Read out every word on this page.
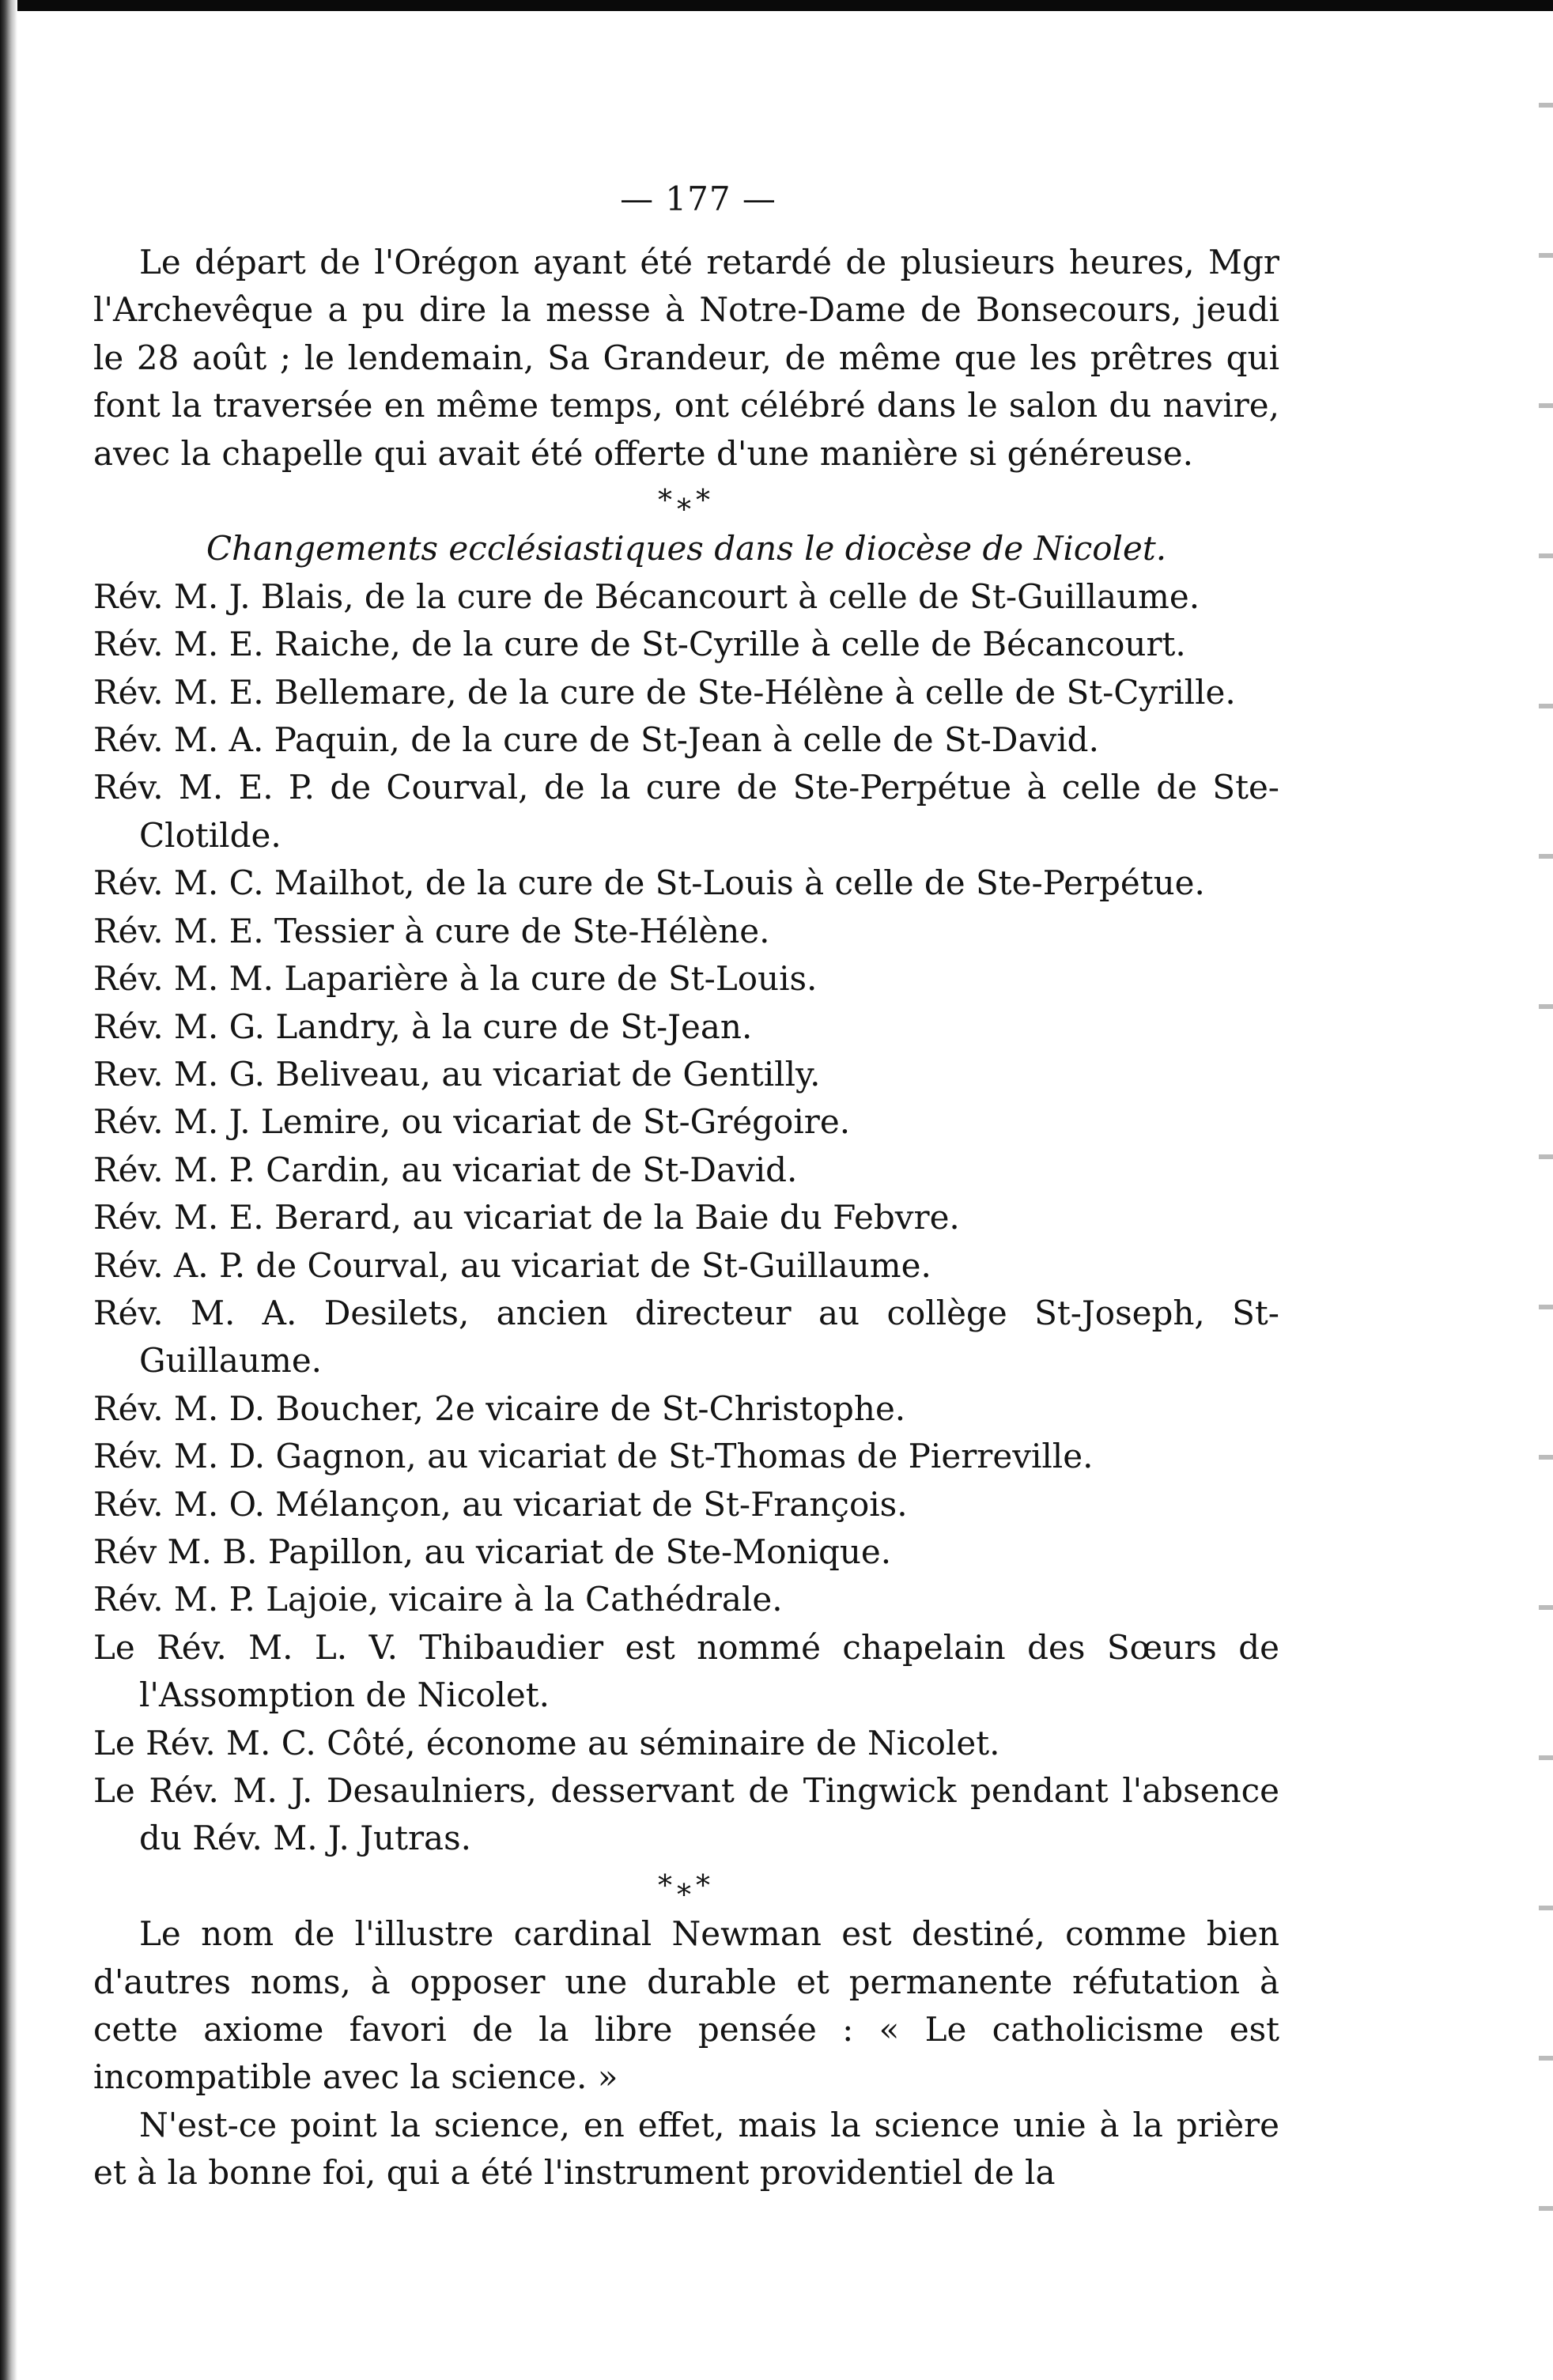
— 177 —

Le départ de l'Orégon ayant été retardé de plusieurs heures, Mgr l'Archevêque a pu dire la messe à Notre-Dame de Bonsecours, jeudi le 28 août ; le lendemain, Sa Grandeur, de même que les prêtres qui font la traversée en même temps, ont célébré dans le salon du navire, avec la chapelle qui avait été offerte d'une manière si généreuse.

*⁎*

Changements ecclésiastiques dans le diocèse de Nicolet.

Rév. M. J. Blais, de la cure de Bécancourt à celle de St-Guillaume.

Rév. M. E. Raiche, de la cure de St-Cyrille à celle de Bécancourt.

Rév. M. E. Bellemare, de la cure de Ste-Hélène à celle de St-Cyrille.

Rév. M. A. Paquin, de la cure de St-Jean à celle de St-David.

Rév. M. E. P. de Courval, de la cure de Ste-Perpétue à celle de Ste-Clotilde.

Rév. M. C. Mailhot, de la cure de St-Louis à celle de Ste-Perpétue.

Rév. M. E. Tessier à cure de Ste-Hélène.

Rév. M. M. Laparière à la cure de St-Louis.

Rév. M. G. Landry, à la cure de St-Jean.

Rev. M. G. Beliveau, au vicariat de Gentilly.

Rév. M. J. Lemire, ou vicariat de St-Grégoire.

Rév. M. P. Cardin, au vicariat de St-David.

Rév. M. E. Berard, au vicariat de la Baie du Febvre.

Rév. A. P. de Courval, au vicariat de St-Guillaume.

Rév. M. A. Desilets, ancien directeur au collège St-Joseph, St-Guillaume.

Rév. M. D. Boucher, 2e vicaire de St-Christophe.

Rév. M. D. Gagnon, au vicariat de St-Thomas de Pierreville.

Rév. M. O. Mélançon, au vicariat de St-François.

Rév M. B. Papillon, au vicariat de Ste-Monique.

Rév. M. P. Lajoie, vicaire à la Cathédrale.

Le Rév. M. L. V. Thibaudier est nommé chapelain des Sœurs de l'Assomption de Nicolet.

Le Rév. M. C. Côté, économe au séminaire de Nicolet.

Le Rév. M. J. Desaulniers, desservant de Tingwick pendant l'absence du Rév. M. J. Jutras.

*⁎*

Le nom de l'illustre cardinal Newman est destiné, comme bien d'autres noms, à opposer une durable et permanente réfutation à cette axiome favori de la libre pensée : « Le catholicisme est incompatible avec la science. »

N'est-ce point la science, en effet, mais la science unie à la prière et à la bonne foi, qui a été l'instrument providentiel de la
